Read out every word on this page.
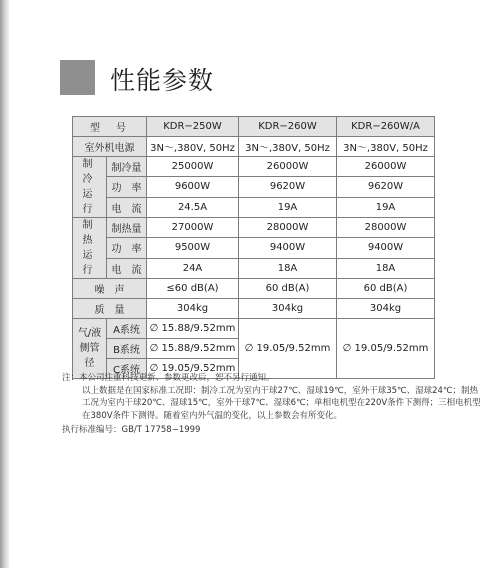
性能参数
型　号		KDR−250W	KDR−260W	KDR−260W/A
室外机电源		3N～,380V, 50Hz	3N～,380V, 50Hz	3N～,380V, 50Hz
制冷运行	制冷量	25000W	26000W	26000W
	功　率	9600W	9620W	9620W
	电　流	24.5A	19A	19A
制热运行	制热量	27000W	28000W	28000W
	功　率	9500W	9400W	9400W
	电　流	24A	18A	18A
噪　声		≤60 dB(A)	60 dB(A)	60 dB(A)
质　量		304kg	304kg	304kg
气/液侧管径	A系统	∅ 15.88/9.52mm	∅ 19.05/9.52mm	∅ 19.05/9.52mm
	B系统	∅ 15.88/9.52mm		
	C系统	∅ 19.05/9.52mm		

注：本公司注重科技更新、参数更改后，恕不另行通知。

以上数据是在国家标准工况即：制冷工况为室内干球27℃、湿球19℃，室外干球35℃、湿球24℃；制热工况为室内干球20℃、湿球15℃，室外干球7℃、湿球6℃；单相电机型在220V条件下测得；三相电机型在380V条件下测得。随着室内外气温的变化，以上参数会有所变化。

执行标准编号：GB/T 17758−1999
